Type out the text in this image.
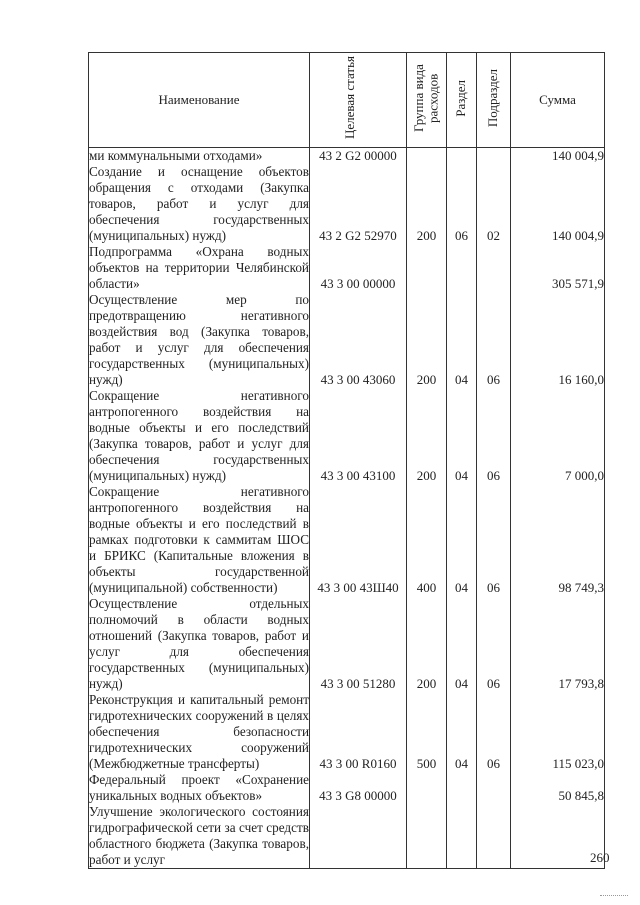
Наименование	Целевая статья	Группа вида расходов	Раздел	Подраздел	Сумма
ми коммунальными отходами»	43 2 G2 00000				140 004,9
Создание и оснащение объектов обращения с отходами (Закупка товаров, работ и услуг для обеспечения государственных (муниципальных) нужд)	43 2 G2 52970	200	06	02	140 004,9
Подпрограмма «Охрана водных объектов на территории Челябинской области»	43 3 00 00000				305 571,9
Осуществление мер по предотвращению негативного воздействия вод (Закупка товаров, работ и услуг для обеспечения государственных (муниципальных) нужд)	43 3 00 43060	200	04	06	16 160,0
Сокращение негативного антропогенного воздействия на водные объекты и его последствий (Закупка товаров, работ и услуг для обеспечения государственных (муниципальных) нужд)	43 3 00 43100	200	04	06	7 000,0
Сокращение негативного антропогенного воздействия на водные объекты и его последствий в рамках подготовки к саммитам ШОС и БРИКС (Капитальные вложения в объекты государственной (муниципальной) собственности)	43 3 00 43Ш40	400	04	06	98 749,3
Осуществление отдельных полномочий в области водных отношений (Закупка товаров, работ и услуг для обеспечения государственных (муниципальных) нужд)	43 3 00 51280	200	04	06	17 793,8
Реконструкция и капитальный ремонт гидротехнических сооружений в целях обеспечения безопасности гидротехнических сооружений (Межбюджетные трансферты)	43 3 00 R0160	500	04	06	115 023,0
Федеральный проект «Сохранение уникальных водных объектов»	43 3 G8 00000				50 845,8
Улучшение экологического состояния гидрографической сети за счет средств областного бюджета (Закупка товаров, работ и услуг						260
